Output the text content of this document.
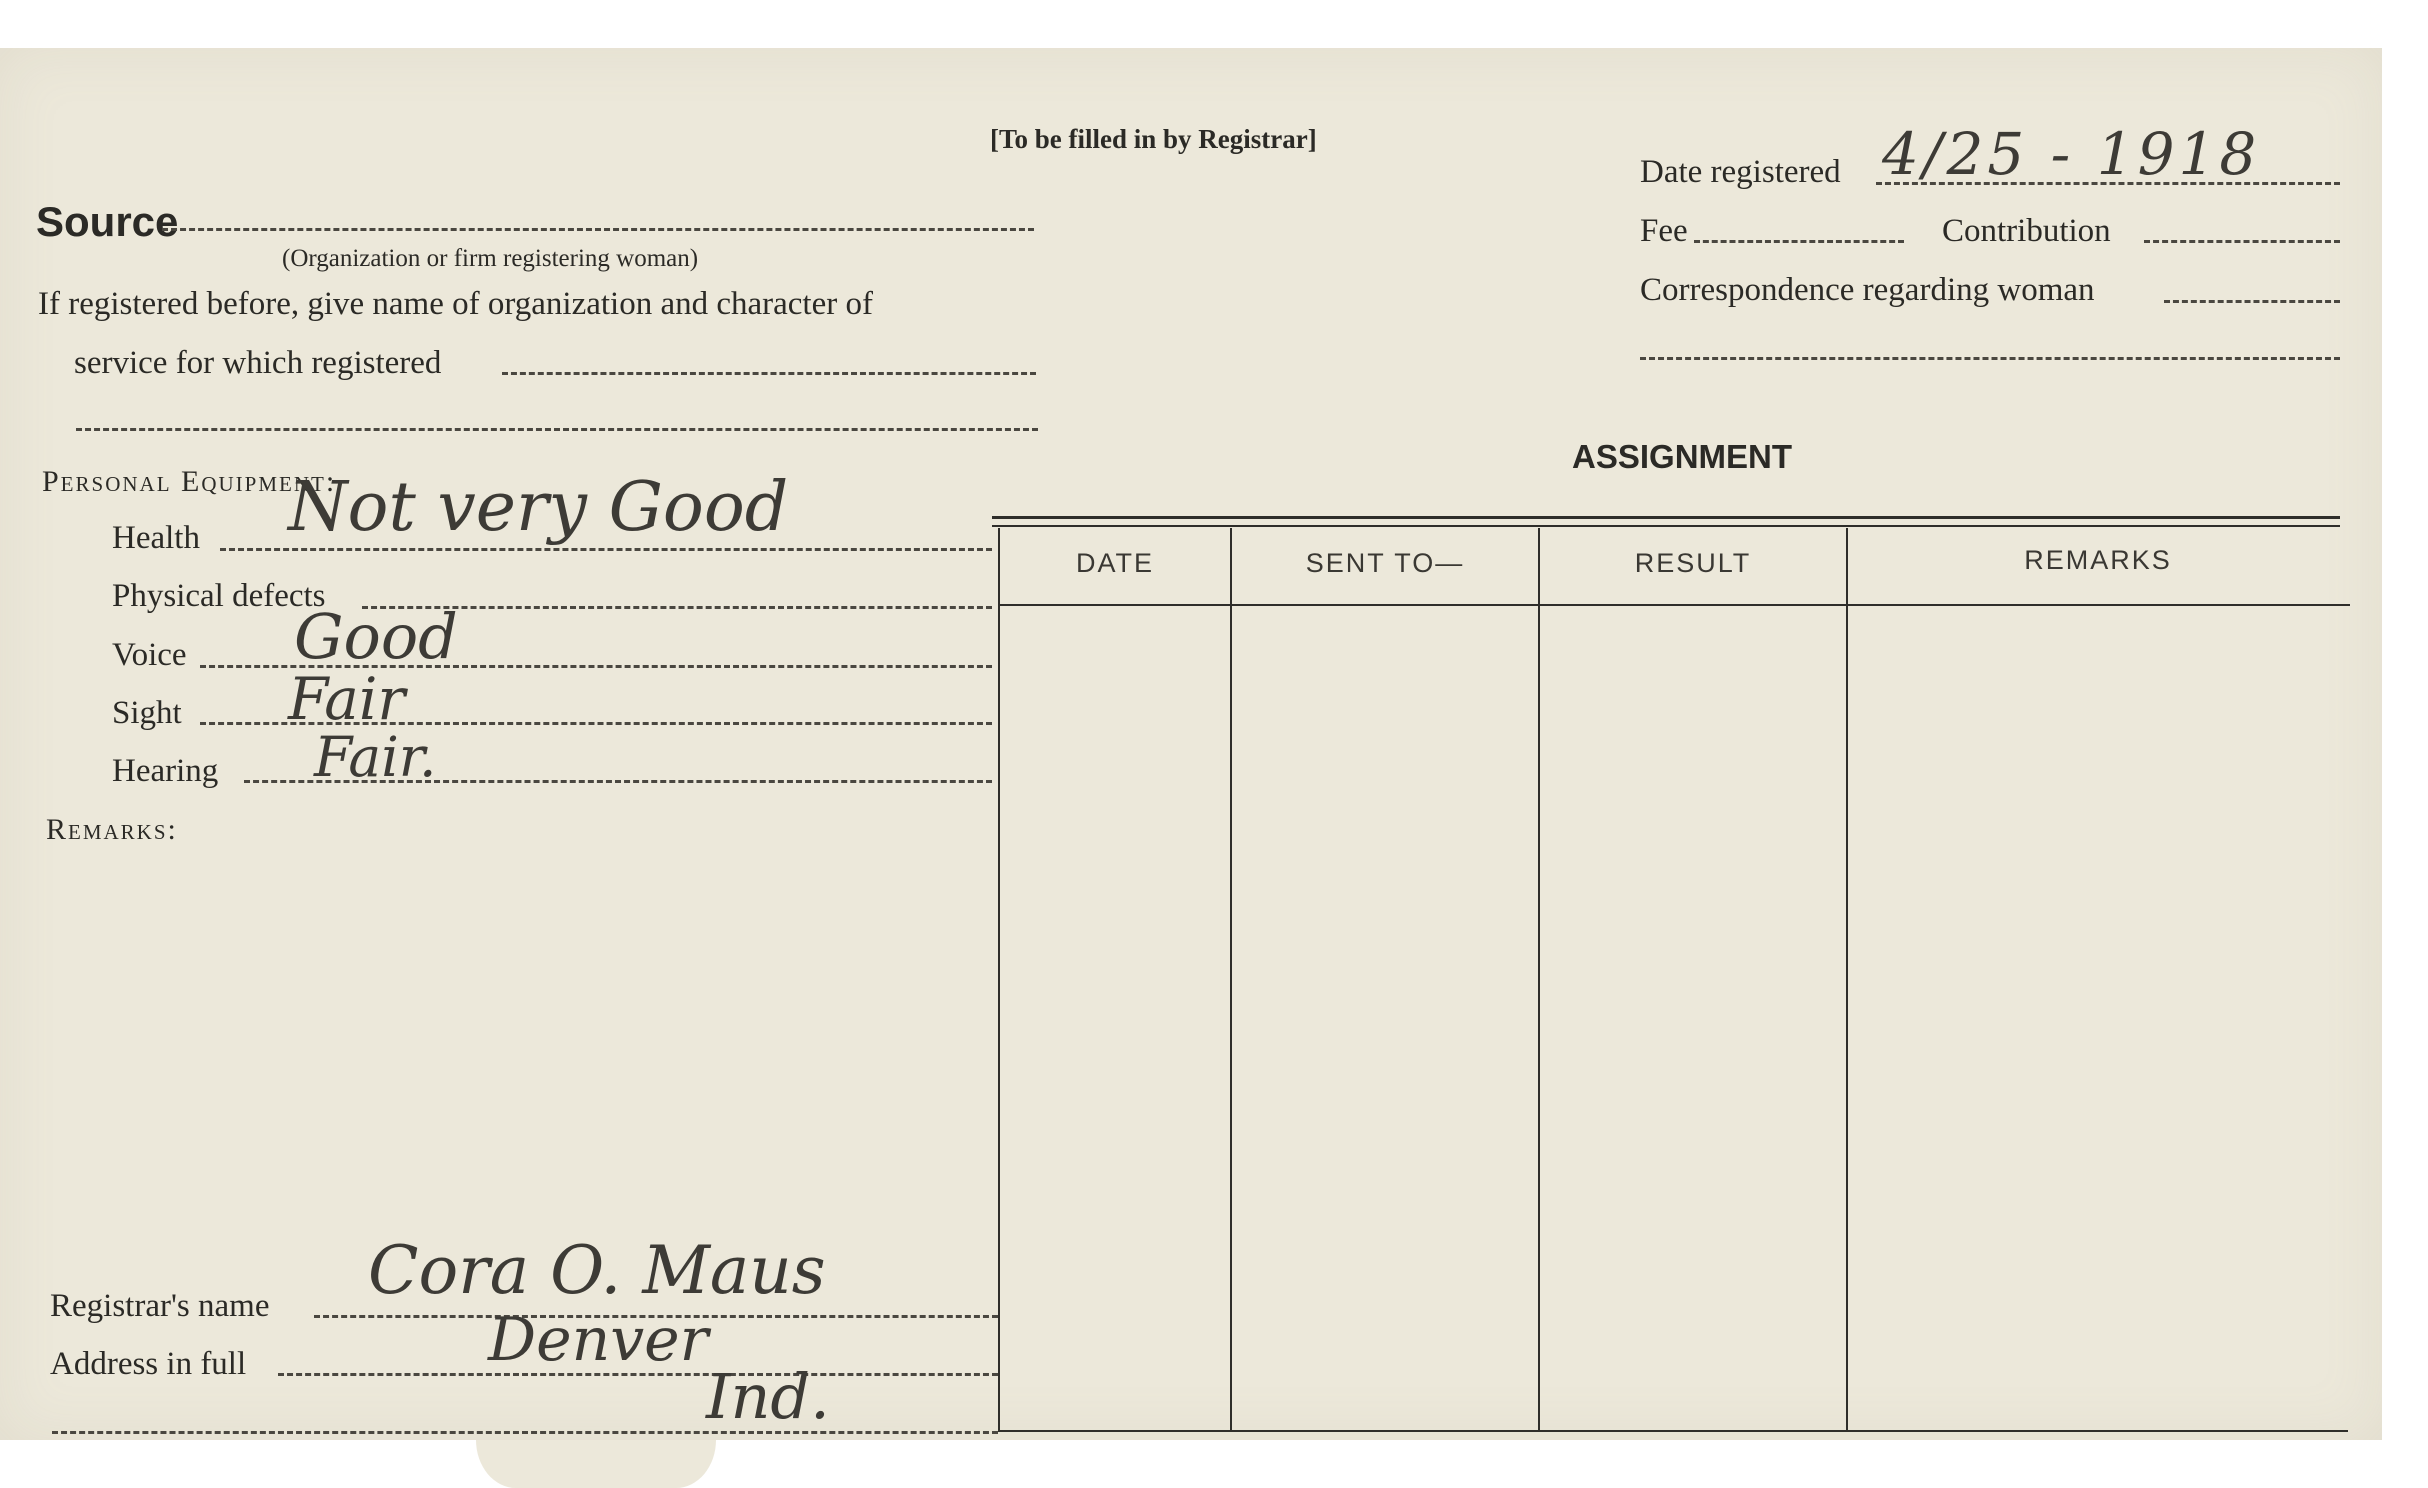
[To be filled in by Registrar]
Source
(Organization or firm registering woman)
If registered before, give name of organization and character of
service for which registered
Personal Equipment:
Health Not very Good
Physical defects
Voice Good
Sight Fair
Hearing Fair.
Remarks:
Registrar's name Cora O. Maus
Address in full	Denver
Ind.
Date registered 4/25 - 1918
Fee	Contribution
Correspondence regarding woman
ASSIGNMENT
DATE	SENT TO—	RESULT	REMARKS
